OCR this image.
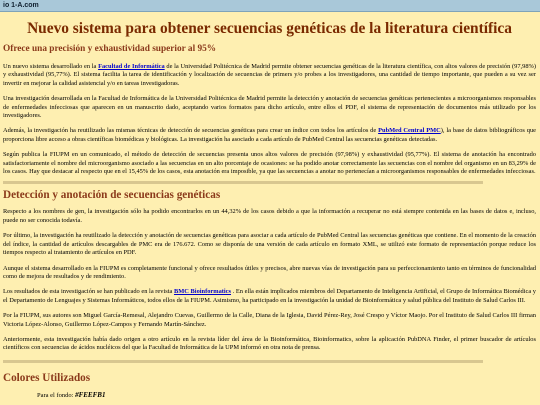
io 1-A.com
Nuevo sistema para obtener secuencias genéticas de la literatura científica
Ofrece una precisión y exhaustividad superior al 95%

Un nuevo sistema desarrollado en la Facultad de Informática de la Universidad Politécnica de Madrid permite obtener secuencias genéticas de la literatura científica, con altos valores de precisión (97,98%) y exhaustividad (95,77%). El sistema facilita la tarea de identificación y localización de secuencias de primers y/o probes a los investigadores, una cantidad de tiempo importante, que pueden a su vez ser invertir en mejorar la calidad asistencial y/o en tareas investigadoras.

Una investigación desarrollada en la Facultad de Informática de la Universidad Politécnica de Madrid permite la detección y anotación de secuencias genéticas pertenecientes a microorganismos responsables de enfermedades infecciosas que aparecen en un manuscrito dado, aceptando varios formatos para dicho artículo, entre ellos el PDF, el sistema de representación de documentos más utilizado por los investigadores.

Además, la investigación ha reutilizado las mismas técnicas de detección de secuencias genéticas para crear un índice con todos los artículos de PubMed Central PMC), la base de datos bibliográficos que proporciona libre acceso a obras científicas biomédicas y biológicas. La investigación ha asociado a cada artículo de PubMed Central las secuencias genéticas detectadas.

Según publica la FIUPM en un comunicado, el método de detección de secuencias presenta unos altos valores de precisión (97,98%) y exhaustividad (95,77%). El sistema de anotación ha encontrado satisfactoriamente el nombre del microorganismo asociado a las secuencias en un alto porcentaje de ocasiones: se ha podido anotar correctamente las secuencias con el nombre del organismo en un 83,29% de los casos. Hay que destacar al respecto que en el 15,45% de los casos, esta anotación era imposible, ya que las secuencias a anotar no pertenecían a microorganismos responsables de enfermedades infecciosas.

Detección y anotación de secuencias genéticas

Respecto a los nombres de gen, la investigación sólo ha podido encontrarlos en un 44,32% de los casos debido a que la información a recuperar no está siempre contenida en las bases de datos e, incluso, puede no ser conocida todavía.

Por último, la investigación ha reutilizado la detección y anotación de secuencias genéticas para asociar a cada artículo de PubMed Central las secuencias genéticas que contiene. En el momento de la creación del índice, la cantidad de artículos descargables de PMC era de 176.672. Como se disponía de una versión de cada artículo en formato XML, se utilizó este formato de representación porque reduce los tiempos respecto al tratamiento de artículos en PDF.

Aunque el sistema desarrollado en la FIUPM es completamente funcional y ofrece resultados útiles y precisos, abre nuevas vías de investigación para su perfeccionamiento tanto en términos de funcionalidad como de mejora de resultados y de rendimiento.

Los resultados de esta investigación se han publicado en la revista BMC Bioinformatics . En ella están implicados miembros del Departamento de Inteligencia Artificial, el Grupo de Informática Biomédica y el Departamento de Lenguajes y Sistemas Informáticos, todos ellos de la FIUPM. Asimismo, ha participado en la investigación la unidad de Bioinformática y salud pública del Instituto de Salud Carlos III.

Por la FIUPM, sus autores son Miguel García-Remesal, Alejandro Cuevas, Guillermo de la Calle, Diana de la Iglesia, David Pérez-Rey, José Crespo y Víctor Maojo. Por el Instituto de Salud Carlos III firman Victoria López-Alonso, Guillermo López-Campos y Fernando Martín-Sánchez.

Anteriormente, esta investigación había dado origen a otro artículo en la revista líder del área de la Bioinformática, Bioinformatics, sobre la aplicación PubDNA Finder, el primer buscador de artículos científicos con secuencias de ácidos nucléicos del que la Facultad de Informática de la UPM informó en otra nota de prensa.

Colores Utilizados
Para el fondo: #FEEFB1
